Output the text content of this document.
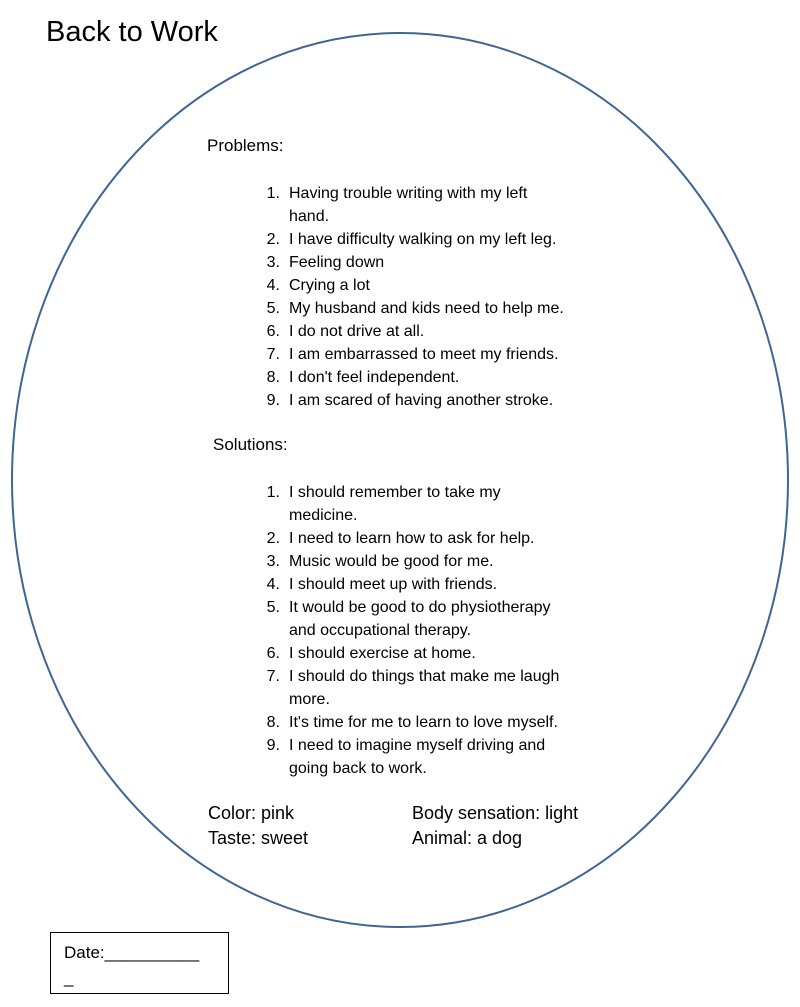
Back to Work
Problems:
1. Having trouble writing with my left
hand.
2. I have difficulty walking on my left leg.
3. Feeling down
4. Crying a lot
5. My husband and kids need to help me.
6. I do not drive at all.
7. I am embarrassed to meet my friends.
8. I don't feel independent.
9. I am scared of having another stroke.
Solutions:
1. I should remember to take my
medicine.
2. I need to learn how to ask for help.
3. Music would be good for me.
4. I should meet up with friends.
5. It would be good to do physiotherapy
and occupational therapy.
6. I should exercise at home.
7. I should do things that make me laugh
more.
8. It's time for me to learn to love myself.
9. I need to imagine myself driving and
going back to work.
Color: pink
Taste: sweet
Body sensation: light
Animal: a dog
Date:__________
_
